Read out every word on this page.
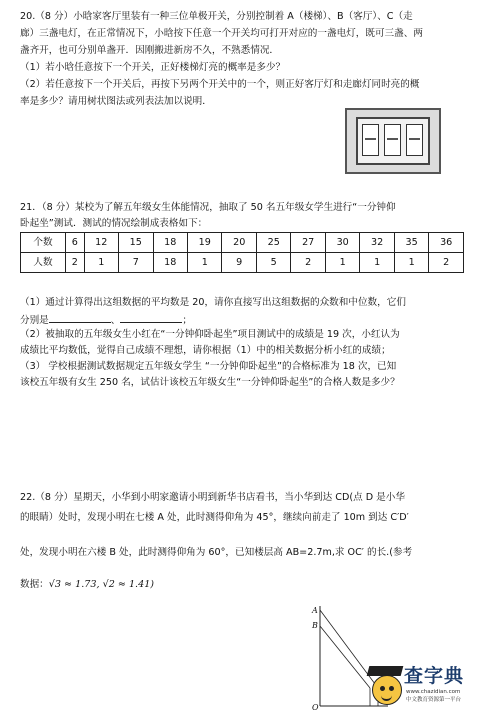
20.（8 分）小晗家客厅里装有一种三位单极开关，分别控制着 A（楼梯）、B（客厅）、C（走
廊）三盏电灯，在正常情况下，小晗按下任意一个开关均可打开对应的一盏电灯，既可三盏、两
盏齐开，也可分别单盏开．因刚搬进新房不久，不熟悉情况．
（1）若小晗任意按下一个开关，正好楼梯灯亮的概率是多少？
（2）若任意按下一个开关后，再按下另两个开关中的一个，则正好客厅灯和走廊灯同时亮的概
率是多少？请用树状图法或列表法加以说明．
21．（8 分）某校为了解五年级女生体能情况，抽取了 50 名五年级女学生进行“一分钟仰
卧起坐”测试．测试的情况绘制成表格如下：
个数	6	12	15	18	19	20	25	27	30	32	35	36
人数	2	1	7	18	1	9	5	2	1	1	1	2
（1）通过计算得出这组数据的平均数是 20，请你直接写出这组数据的众数和中位数，它们
分别是	、	；
（2）被抽取的五年级女生小红在“一分钟仰卧起坐”项目测试中的成绩是 19 次，小红认为
成绩比平均数低，觉得自己成绩不理想，请你根据（1）中的相关数据分析小红的成绩；
（3） 学校根据测试数据规定五年级女学生 “一分钟仰卧起坐”的合格标准为 18 次，已知
该校五年级有女生 250 名，试估计该校五年级女生“一分钟仰卧起坐”的合格人数是多少？
22.（8 分）星期天，小华到小明家邀请小明到新华书店看书，当小华到达 CD(点 D 是小华
的眼睛）处时，发现小明在七楼 A 处，此时测得仰角为 45°，继续向前走了 10m 到达 C′D′
处，发现小明在六楼 B 处，此时测得仰角为 60°，已知楼层高 AB=2.7m,求 OC′ 的长.(参考
数据：√3 ≈ 1.73, √2 ≈ 1.41)
A
B
O
查字典
www.chazidian.com
中文教育资源第一平台
